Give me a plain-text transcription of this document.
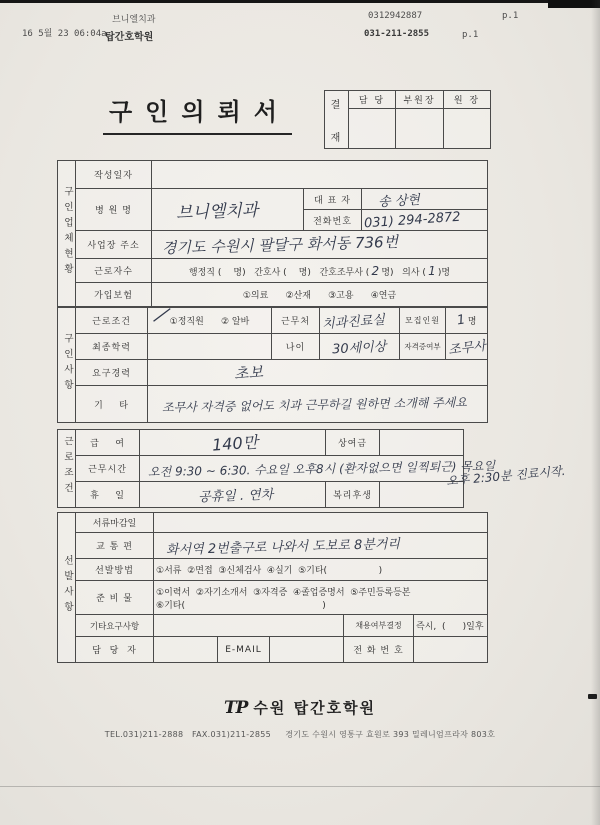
16 5월 23 06:04a
브니엘치과
탑간호학원
0312942887	p.1
031-211-2855	p.1
구인의뢰서	결
재	담 당	부원장	원 장

구인업체현황	작성일자			
	병 원 명	브니엘치과	대 표 자	송 상현
			전화번호	031) 294-2872
	사업장 주소	경기도 수원시 팔달구 화서동 736번		
	근로자수	행정직 ( 명) 간호사 ( 명) 간호조무사 ( 2 명) 의사 ( 1 )명		
	가입보험	①의료      ②산재      ③고용      ④연금		
구인사항	근로조건	①정직원      ② 알바
／	근무처	치과진료실	모집인원	1 명
	최종학력		나이	30세이상	자격증여부	조무사
	요구경력	초보				
	기    타	조무사 자격증 없어도 치과 근무하길 원하면 소개해 주세요				
근로조건	급    여	140만	상여금	
	근무시간	오전 9:30 ~ 6:30. 수요일 오후8시 (환자없으면 일찍퇴근) 목요일		
	휴    일	공휴일 . 연차	복리후생	
오후 2:30분 진료시작.
선발사항	서류마감일					
	교 통 편	화서역 2번출구로 나와서 도보로 8분거리				
	선발방법	①서류  ②면접  ③신체검사  ④실기  ⑤기타(                  )				
	준 비 물	①이력서  ②자기소개서  ③자격증  ④졸업증명서  ⑤주민등록등본
⑥기타(                                                )				

	기타요구사항				채용여부결정	즉시,  (      )일후
	담  당  자		E-MAIL		전 화 번 호	
TP 수원 탑간호학원
TEL.031)211-2888   FAX.031)211-2855     경기도 수원시 영통구 효원로 393 밀레니엄프라자 803호
